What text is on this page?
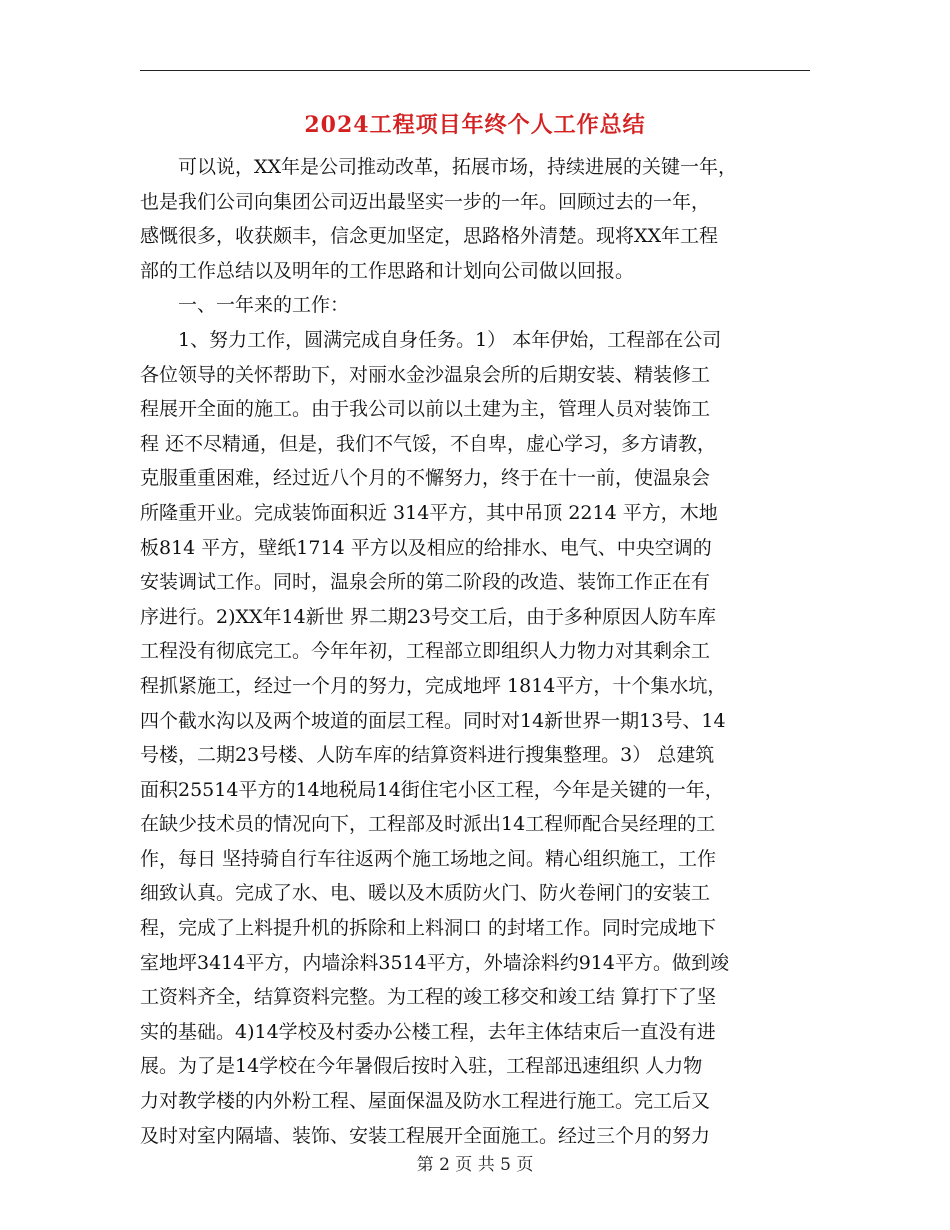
2024工程项目年终个人工作总结
　　可以说，XX年是公司推动改革，拓展市场，持续进展的关键一年，
也是我们公司向集团公司迈出最坚实一步的一年。回顾过去的一年，
感慨很多，收获颇丰，信念更加坚定，思路格外清楚。现将XX年工程
部的工作总结以及明年的工作思路和计划向公司做以回报。
　　一、一年来的工作：
　　1、努力工作，圆满完成自身任务。1） 本年伊始，工程部在公司
各位领导的关怀帮助下，对丽水金沙温泉会所的后期安装、精装修工
程展开全面的施工。由于我公司以前以土建为主，管理人员对装饰工
程 还不尽精通，但是，我们不气馁，不自卑，虚心学习，多方请教，
克服重重困难，经过近八个月的不懈努力，终于在十一前，使温泉会
所隆重开业。完成装饰面积近 314平方，其中吊顶 2214 平方，木地
板814 平方，壁纸1714 平方以及相应的给排水、电气、中央空调的
安装调试工作。同时，温泉会所的第二阶段的改造、装饰工作正在有
序进行。2)XX年14新世 界二期23号交工后，由于多种原因人防车库
工程没有彻底完工。今年年初，工程部立即组织人力物力对其剩余工
程抓紧施工，经过一个月的努力，完成地坪 1814平方，十个集水坑，
四个截水沟以及两个坡道的面层工程。同时对14新世界一期13号、14
号楼，二期23号楼、人防车库的结算资料进行搜集整理。3） 总建筑
面积25514平方的14地税局14街住宅小区工程，今年是关键的一年，
在缺少技术员的情况向下，工程部及时派出14工程师配合吴经理的工
作，每日 坚持骑自行车往返两个施工场地之间。精心组织施工，工作
细致认真。完成了水、电、暖以及木质防火门、防火卷闸门的安装工
程，完成了上料提升机的拆除和上料洞口 的封堵工作。同时完成地下
室地坪3414平方，内墙涂料3514平方，外墙涂料约914平方。做到竣
工资料齐全，结算资料完整。为工程的竣工移交和竣工结 算打下了坚
实的基础。4)14学校及村委办公楼工程，去年主体结束后一直没有进
展。为了是14学校在今年暑假后按时入驻，工程部迅速组织 人力物
力对教学楼的内外粉工程、屋面保温及防水工程进行施工。完工后又
及时对室内隔墙、装饰、安装工程展开全面施工。经过三个月的努力
第 2 页 共 5 页
